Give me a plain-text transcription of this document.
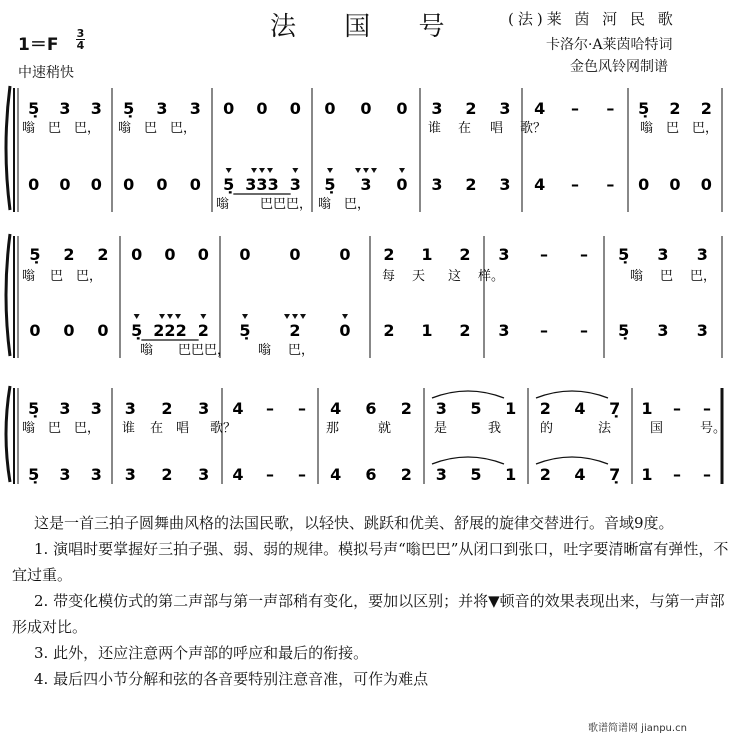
法 国 号	(法)莱 茵 河 民 歌
卡洛尔·A莱茵哈特词
金色风铃网制谱
1＝F
3
4
中速稍快
5̣ 3 3
0 0 0
5̣ 3 3
0 0 0
0 0 0
5̣ 333 3
0 0 0
5̣ 3 0
3 2 3
3 2 3
4 – –
4 – –
5̣ 2 2
0 0 0
嗡 巴 巴， 嗡 巴 巴，	谁 在 唱 歌？	嗡 巴 巴，
嗡 巴巴巴， 嗡 巴，
5̣ 2 2
0 0 0
0 0 0
5̣ 222 2
0 0 0
5̣ 2 0
2 1 2
2 1 2
3 – –
3 – –
5̣ 3 3
5̣ 3 3
嗡 巴 巴，	每 天 这 样。	嗡 巴 巴，
嗡 巴巴巴， 嗡 巴，
5̣ 3 3
5̣ 3 3
3 2 3
3 2 3
4 – –
4 – –
4 6 2
4 6 2
3 5 1
3 5 1
2 4 7̣
2 4 7̣
1 – –
1 – –
嗡 巴 巴， 谁 在 唱 歌？	那	就	是	我	的	法	国	号。

这是一首三拍子圆舞曲风格的法国民歌，以轻快、跳跃和优美、舒展的旋律交替进行。音域9度。

1. 演唱时要掌握好三拍子强、弱、弱的规律。模拟号声“嗡巴巴”从闭口到张口，吐字要清晰富有弹性，不宜过重。

2. 带变化模仿式的第二声部与第一声部稍有变化，要加以区别；并将▼顿音的效果表现出来，与第一声部形成对比。

3. 此外，还应注意两个声部的呼应和最后的衔接。

4. 最后四小节分解和弦的各音要特别注意音准，可作为难点

歌谱简谱网 jianpu.cn
